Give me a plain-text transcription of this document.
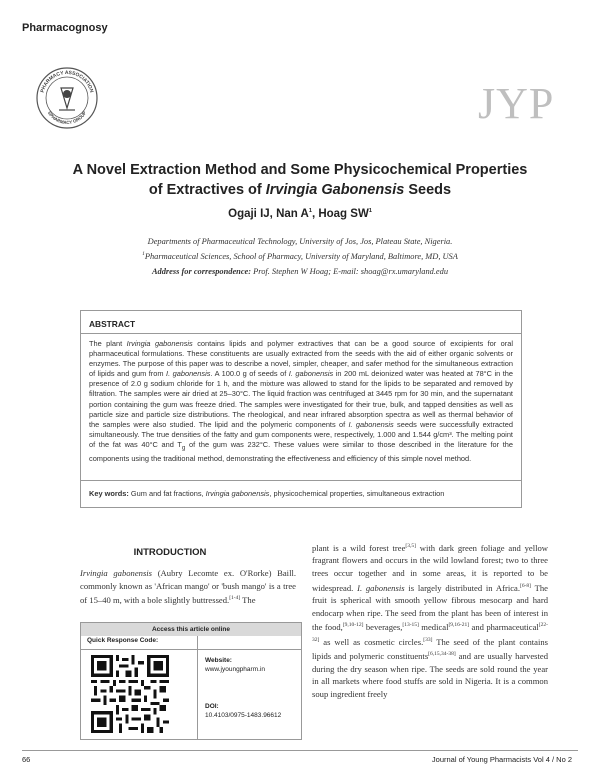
Pharmacognosy
PHARMACY ASSOCIATION
SPHARMACY GROUP	JYP
A Novel Extraction Method and Some Physicochemical Properties
of Extractives of Irvingia Gabonensis Seeds
Ogaji IJ, Nan $A^1$, Hoag $SW^1$
Departments of Pharmaceutical Technology, University of Jos, Jos, Plateau State, Nigeria.
$^1$Pharmaceutical Sciences, School of Pharmacy, University of Maryland, Baltimore, MD, USA
Address for correspondence: Prof. Stephen W Hoag; E-mail: shoag@rx.umaryland.edu
ABSTRACT
The plant Irvingia gabonensis contains lipids and polymer extractives that can be a good source of excipients for oral pharmaceutical formulations. These constituents are usually extracted from the seeds with the aid of either organic solvents or enzymes. The purpose of this paper was to describe a novel, simpler, cheaper, and safer method for the simultaneous extraction of lipids and gum from I. gabonensis. A 100.0 g of seeds of I. gabonensis in 200 mL deionized water was heated at 78°C in the presence of 2.0 g sodium chloride for 1 h, and the mixture was allowed to stand for the lipids to be separated and removed by filtration. The samples were air dried at 25–30°C. The liquid fraction was centrifuged at 3445 rpm for 30 min, and the supernatant portion containing the gum was freeze dried. The samples were investigated for their true, bulk, and tapped densities as well as particle size and particle size distributions. The rheological, and near infrared absorption spectra as well as thermal behavior of the samples were also studied. The lipid and the polymeric components of I. gabonensis seeds were successfully extracted simultaneously. The true densities of the fatty and gum components were, respectively, 1.000 and 1.544 g/cm³. The melting point of the fat was 40°C and $T_g$ of the gum was 232°C. These values were similar to those described in the literature for the components using the traditional method, demonstrating the effectiveness and efficiency of this simple novel method.
Key words: Gum and fat fractions, Irvingia gabonensis, physicochemical properties, simultaneous extraction
INTRODUCTION
Irvingia gabonensis (Aubry Lecomte ex. O'Rorke) Baill. commonly known as 'African mango' or 'bush mango' is a tree of 15–40 m, with a bole slightly buttressed.[1-4] The
plant is a wild forest tree[3,5] with dark green foliage and yellow fragrant flowers and occurs in the wild lowland forest; two to three trees occur together and in some areas, it is reported to be widespread. I. gabonensis is largely distributed in Africa.[6-8] The fruit is spherical with smooth yellow fibrous mesocarp and hard endocarp when ripe. The seed from the plant has been of interest in the food,[9,10-12] beverages,[13-15] medical[9,16-21] and pharmaceutical[22-32] as well as cosmetic circles.[33] The seed of the plant contains lipids and polymeric constituents[6,15,34-38] and are usually harvested during the dry season when ripe. The seeds are sold round the year in all markets where food stuffs are sold in Nigeria. It is a common soup ingredient freely
Access this article online
Quick Response Code:
Website:
www.jyoungpharm.in
DOI:
10.4103/0975-1483.96612
66	Journal of Young Pharmacists Vol 4 / No 2
